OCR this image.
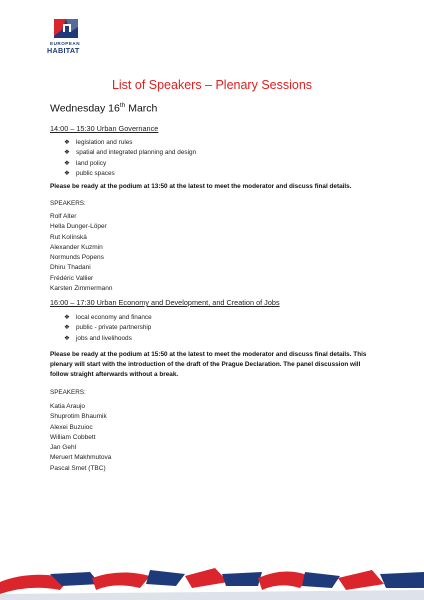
EUROPEAN
HABITAT
List of Speakers – Plenary Sessions
Wednesday 16th March
14:00 – 15:30 Urban Governance
❖ legislation and rules
❖ spatial and integrated planning and design
❖ land policy
❖ public spaces
Please be ready at the podium at 13:50 at the latest to meet the moderator and discuss final details.
SPEAKERS:
Rolf Alter
Hella Dunger-Löper
Rut Kolínská
Alexander Kuzmin
Normunds Popens
Dhiru Thadani
Frédéric Vallier
Karsten Zimmermann
16:00 – 17:30 Urban Economy and Development, and Creation of Jobs
❖ local economy and finance
❖ public - private partnership
❖ jobs and livelihoods
Please be ready at the podium at 15:50 at the latest to meet the moderator and discuss final details. This plenary will start with the introduction of the draft of the Prague Declaration. The panel discussion will follow straight afterwards without a break.
SPEAKERS:
Katia Araujo
Shuprotim Bhaumik
Alexei Buzuioc
William Cobbett
Jan Gehl
Meruert Makhmutova
Pascal Smet (TBC)
